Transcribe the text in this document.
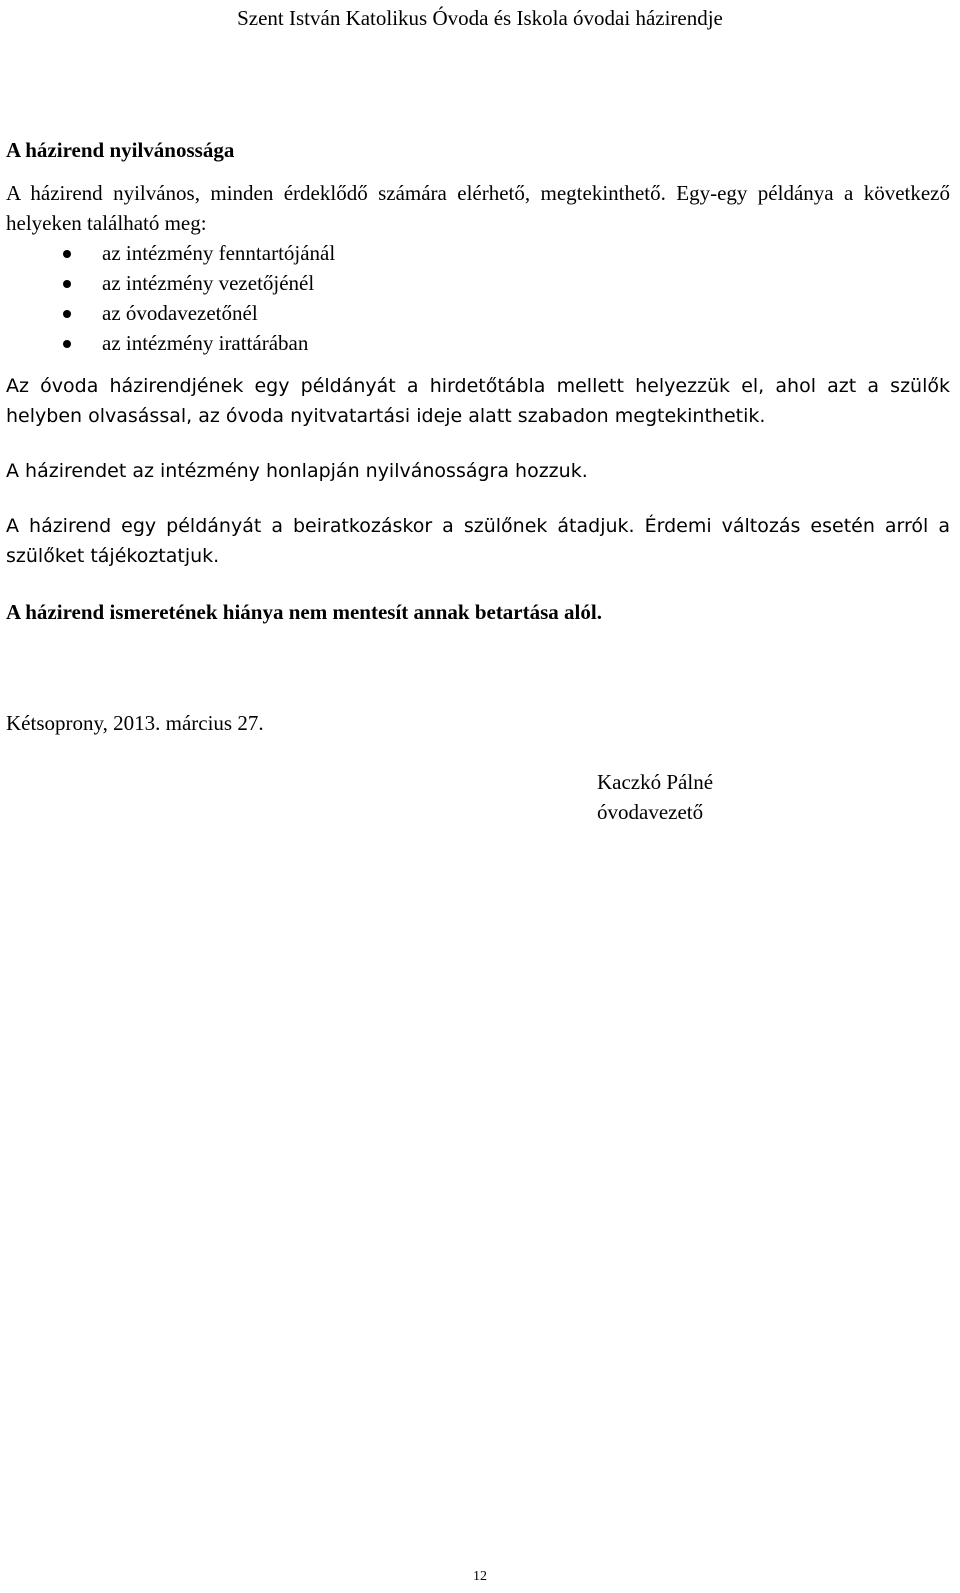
Szent István Katolikus Óvoda és Iskola óvodai házirendje
A házirend nyilvánossága

A házirend nyilvános, minden érdeklődő számára elérhető, megtekinthető. Egy-egy példánya a következő helyeken található meg:

az intézmény fenntartójánál
az intézmény vezetőjénél
az óvodavezetőnél
az intézmény irattárában

Az óvoda házirendjének egy példányát a hirdetőtábla mellett helyezzük el, ahol azt a szülők helyben olvasással, az óvoda nyitvatartási ideje alatt szabadon megtekinthetik.

A házirendet az intézmény honlapján nyilvánosságra hozzuk.

A házirend egy példányát a beiratkozáskor a szülőnek átadjuk. Érdemi változás esetén arról a szülőket tájékoztatjuk.

A házirend ismeretének hiánya nem mentesít annak betartása alól.

Kétsoprony, 2013. március 27.
Kaczkó Pálné
óvodavezető
12
